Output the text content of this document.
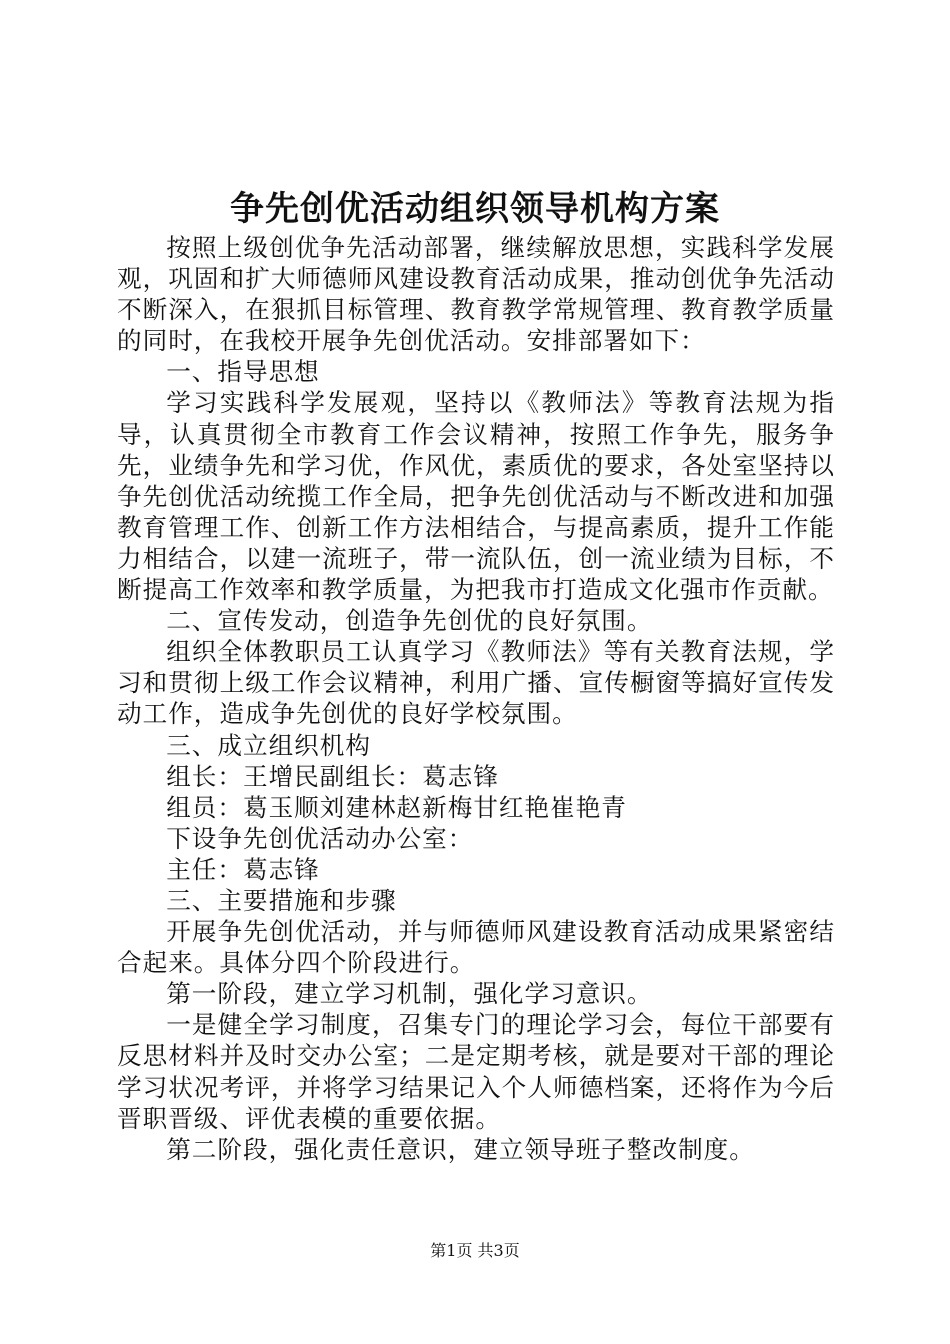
争先创优活动组织领导机构方案

按照上级创优争先活动部署，继续解放思想，实践科学发展观，巩固和扩大师德师风建设教育活动成果，推动创优争先活动不断深入，在狠抓目标管理、教育教学常规管理、教育教学质量的同时，在我校开展争先创优活动。安排部署如下：

一、指导思想

学习实践科学发展观，坚持以《教师法》等教育法规为指导，认真贯彻全市教育工作会议精神，按照工作争先，服务争先，业绩争先和学习优，作风优，素质优的要求，各处室坚持以争先创优活动统揽工作全局，把争先创优活动与不断改进和加强教育管理工作、创新工作方法相结合，与提高素质，提升工作能力相结合，以建一流班子，带一流队伍，创一流业绩为目标，不断提高工作效率和教学质量，为把我市打造成文化强市作贡献。

二、宣传发动，创造争先创优的良好氛围。

组织全体教职员工认真学习《教师法》等有关教育法规，学习和贯彻上级工作会议精神，利用广播、宣传橱窗等搞好宣传发动工作，造成争先创优的良好学校氛围。

三、成立组织机构

组长：王增民副组长：葛志锋

组员：葛玉顺刘建林赵新梅甘红艳崔艳青

下设争先创优活动办公室：

主任：葛志锋

三、主要措施和步骤

开展争先创优活动，并与师德师风建设教育活动成果紧密结合起来。具体分四个阶段进行。

第一阶段，建立学习机制，强化学习意识。

一是健全学习制度，召集专门的理论学习会，每位干部要有反思材料并及时交办公室；二是定期考核，就是要对干部的理论学习状况考评，并将学习结果记入个人师德档案，还将作为今后晋职晋级、评优表模的重要依据。

第二阶段，强化责任意识，建立领导班子整改制度。

第1页 共3页
